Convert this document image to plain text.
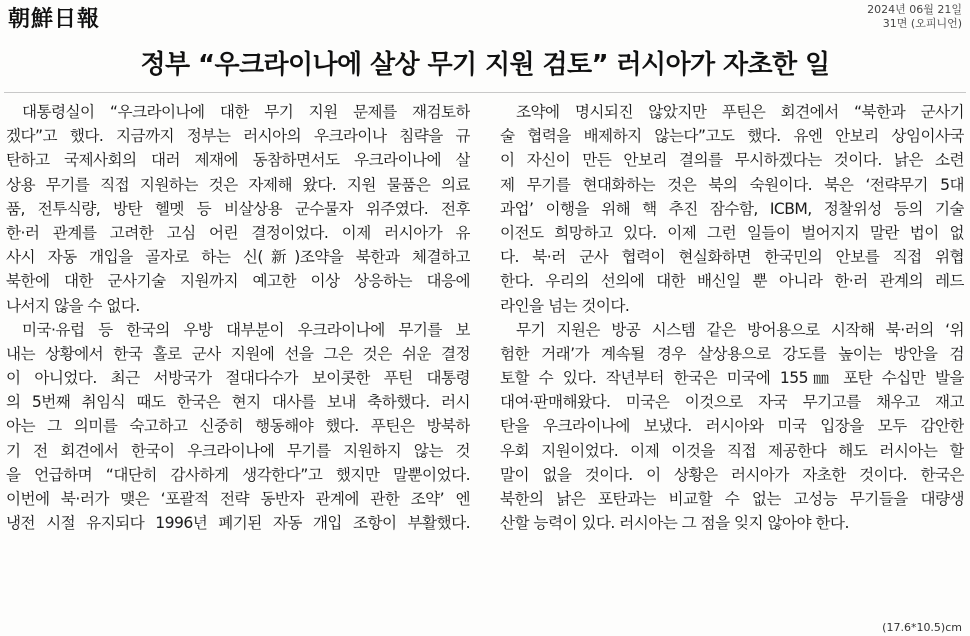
朝鮮日報	2024년 06월 21일
31면 (오피니언)
정부 “우크라이나에 살상 무기 지원 검토” 러시아가 자초한 일
대통령실이 “우크라이나에 대한 무기 지원 문제를 재검토하
겠다”고 했다. 지금까지 정부는 러시아의 우크라이나 침략을 규
탄하고 국제사회의 대러 제재에 동참하면서도 우크라이나에 살
상용 무기를 직접 지원하는 것은 자제해 왔다. 지원 물품은 의료
품, 전투식량, 방탄 헬멧 등 비살상용 군수물자 위주였다. 전후
한·러 관계를 고려한 고심 어린 결정이었다. 이제 러시아가 유
사시 자동 개입을 골자로 하는 신(新)조약을 북한과 체결하고
북한에 대한 군사기술 지원까지 예고한 이상 상응하는 대응에
나서지 않을 수 없다.
미국·유럽 등 한국의 우방 대부분이 우크라이나에 무기를 보
내는 상황에서 한국 홀로 군사 지원에 선을 그은 것은 쉬운 결정
이 아니었다. 최근 서방국가 절대다수가 보이콧한 푸틴 대통령
의 5번째 취임식 때도 한국은 현지 대사를 보내 축하했다. 러시
아는 그 의미를 숙고하고 신중히 행동해야 했다. 푸틴은 방북하
기 전 회견에서 한국이 우크라이나에 무기를 지원하지 않는 것
을 언급하며 “대단히 감사하게 생각한다”고 했지만 말뿐이었다.
이번에 북·러가 맺은 ‘포괄적 전략 동반자 관계에 관한 조약’ 엔
냉전 시절 유지되다 1996년 폐기된 자동 개입 조항이 부활했다.
조약에 명시되진 않았지만 푸틴은 회견에서 “북한과 군사기
술 협력을 배제하지 않는다”고도 했다. 유엔 안보리 상임이사국
이 자신이 만든 안보리 결의를 무시하겠다는 것이다. 낡은 소련
제 무기를 현대화하는 것은 북의 숙원이다. 북은 ‘전략무기 5대
과업’ 이행을 위해 핵 추진 잠수함, ICBM, 정찰위성 등의 기술
이전도 희망하고 있다. 이제 그런 일들이 벌어지지 말란 법이 없
다. 북·러 군사 협력이 현실화하면 한국민의 안보를 직접 위협
한다. 우리의 선의에 대한 배신일 뿐 아니라 한·러 관계의 레드
라인을 넘는 것이다.
무기 지원은 방공 시스템 같은 방어용으로 시작해 북·러의 ‘위
험한 거래’가 계속될 경우 살상용으로 강도를 높이는 방안을 검
토할 수 있다. 작년부터 한국은 미국에 155㎜ 포탄 수십만 발을
대여·판매해왔다. 미국은 이것으로 자국 무기고를 채우고 재고
탄을 우크라이나에 보냈다. 러시아와 미국 입장을 모두 감안한
우회 지원이었다. 이제 이것을 직접 제공한다 해도 러시아는 할
말이 없을 것이다. 이 상황은 러시아가 자초한 것이다. 한국은
북한의 낡은 포탄과는 비교할 수 없는 고성능 무기들을 대량생
산할 능력이 있다. 러시아는 그 점을 잊지 않아야 한다.
(17.6*10.5)cm
